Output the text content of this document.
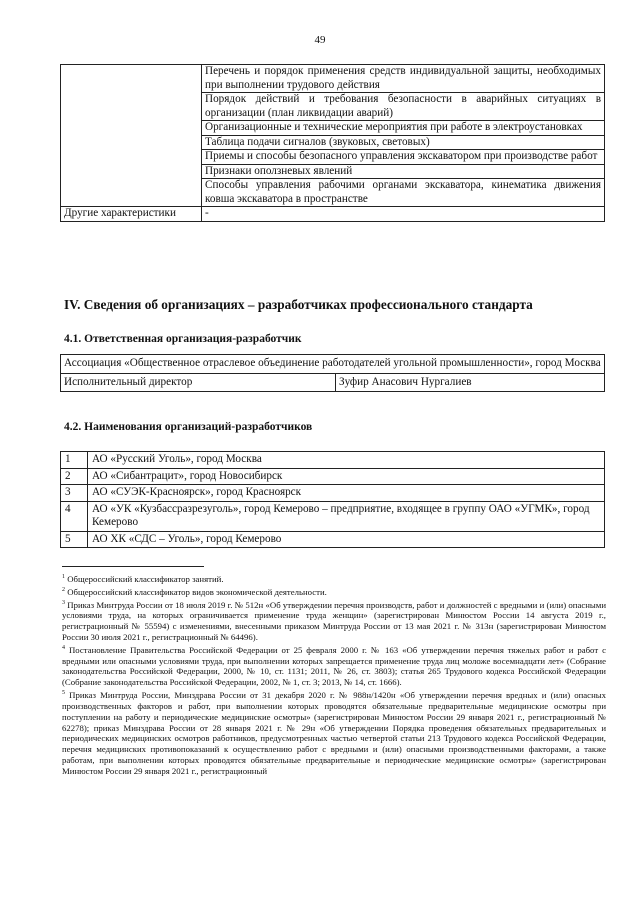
49
	Перечень и порядок применения средств индивидуальной защиты, необходимых при выполнении трудового действия
	Порядок действий и требования безопасности в аварийных ситуациях в организации (план ликвидации аварий)
	Организационные и технические мероприятия при работе в электроустановках
	Таблица подачи сигналов (звуковых, световых)
	Приемы и способы безопасного управления экскаватором при производстве работ
	Признаки оползневых явлений
	Способы управления рабочими органами экскаватора, кинематика движения ковша экскаватора в пространстве
Другие характеристики	-
IV. Сведения об организациях – разработчиках профессионального стандарта
4.1. Ответственная организация-разработчик
Ассоциация «Общественное отраслевое объединение работодателей угольной промышленности», город Москва
Исполнительный директор	Зуфир Анасович Нургалиев
4.2. Наименования организаций-разработчиков
1	АО «Русский Уголь», город Москва
2	АО «Сибантрацит», город Новосибирск
3	АО «СУЭК-Красноярск», город Красноярск
4	АО «УК «Кузбассразрезуголь», город Кемерово – предприятие, входящее в группу ОАО «УГМК», город Кемерово
5	АО ХК «СДС – Уголь», город Кемерово
$^1$ Общероссийский классификатор занятий.
$^2$ Общероссийский классификатор видов экономической деятельности.
$^3$ Приказ Минтруда России от 18 июля 2019 г. № 512н «Об утверждении перечня производств, работ и должностей с вредными и (или) опасными условиями труда, на которых ограничивается применение труда женщин» (зарегистрирован Минюстом России 14 августа 2019 г., регистрационный № 55594) с изменениями, внесенными приказом Минтруда России от 13 мая 2021 г. № 313н (зарегистрирован Минюстом России 30 июля 2021 г., регистрационный № 64496).
$^4$ Постановление Правительства Российской Федерации от 25 февраля 2000 г. № 163 «Об утверждении перечня тяжелых работ и работ с вредными или опасными условиями труда, при выполнении которых запрещается применение труда лиц моложе восемнадцати лет» (Собрание законодательства Российской Федерации, 2000, № 10, ст. 1131; 2011, № 26, ст. 3803); статья 265 Трудового кодекса Российской Федерации (Собрание законодательства Российской Федерации, 2002, № 1, ст. 3; 2013, № 14, ст. 1666).
$^5$ Приказ Минтруда России, Минздрава России от 31 декабря 2020 г. № 988н/1420н «Об утверждении перечня вредных и (или) опасных производственных факторов и работ, при выполнении которых проводятся обязательные предварительные медицинские осмотры при поступлении на работу и периодические медицинские осмотры» (зарегистрирован Минюстом России 29 января 2021 г., регистрационный № 62278); приказ Минздрава России от 28 января 2021 г. № 29н «Об утверждении Порядка проведения обязательных предварительных и периодических медицинских осмотров работников, предусмотренных частью четвертой статьи 213 Трудового кодекса Российской Федерации, перечня медицинских противопоказаний к осуществлению работ с вредными и (или) опасными производственными факторами, а также работам, при выполнении которых проводятся обязательные предварительные и периодические медицинские осмотры» (зарегистрирован Минюстом России 29 января 2021 г., регистрационный
